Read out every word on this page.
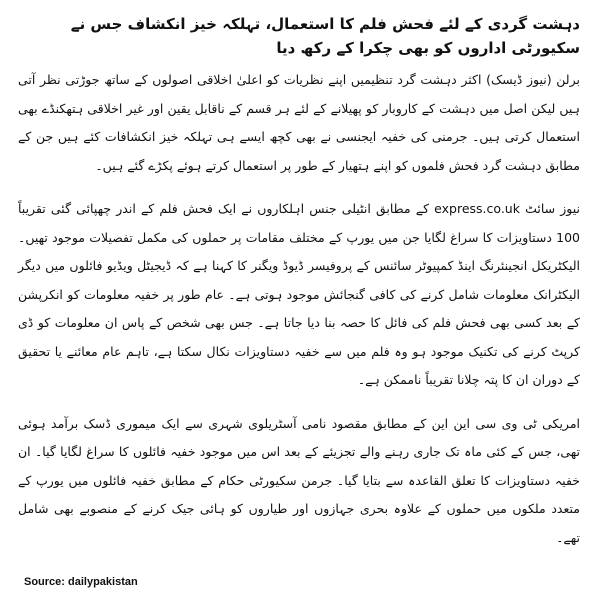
دہشت گردی کے لئے فحش فلم کا استعمال، تہلکہ خیز انکشاف جس نے سکیورٹی اداروں کو بھی چکرا کے رکھ دیا

برلن (نیوز ڈیسک) اکثر دہشت گرد تنظیمیں اپنے نظریات کو اعلیٰ اخلاقی اصولوں کے ساتھ جوڑتی نظر آتی ہیں لیکن اصل میں دہشت کے کاروبار کو پھیلانے کے لئے ہر قسم کے ناقابل یقین اور غیر اخلاقی ہتھکنڈے بھی استعمال کرتی ہیں۔ جرمنی کی خفیہ ایجنسی نے بھی کچھ ایسے ہی تہلکہ خیز انکشافات کئے ہیں جن کے مطابق دہشت گرد فحش فلموں کو اپنے ہتھیار کے طور پر استعمال کرتے ہوئے پکڑے گئے ہیں۔

نیوز سائٹ express.co.uk کے مطابق انٹیلی جنس اہلکاروں نے ایک فحش فلم کے اندر چھپائی گئی تقریباً 100 دستاویزات کا سراغ لگایا جن میں یورپ کے مختلف مقامات پر حملوں کی مکمل تفصیلات موجود تھیں۔ الیکٹریکل انجینئرنگ اینڈ کمپیوٹر سائنس کے پروفیسر ڈیوڈ ویگنر کا کہنا ہے کہ ڈیجیٹل ویڈیو فائلوں میں دیگر الیکٹرانک معلومات شامل کرنے کی کافی گنجائش موجود ہوتی ہے۔ عام طور پر خفیہ معلومات کو انکرپشن کے بعد کسی بھی فحش فلم کی فائل کا حصہ بنا دیا جاتا ہے۔ جس بھی شخص کے پاس ان معلومات کو ڈی کرپٹ کرنے کی تکنیک موجود ہو وہ فلم میں سے خفیہ دستاویزات نکال سکتا ہے، تاہم عام معائنے یا تحقیق کے دوران ان کا پتہ چلانا تقریباً ناممکن ہے۔

امریکی ٹی وی سی این این کے مطابق مقصود نامی آسٹریلوی شہری سے ایک میموری ڈسک برآمد ہوئی تھی، جس کے کئی ماہ تک جاری رہنے والے تجزیئے کے بعد اس میں موجود خفیہ فائلوں کا سراغ لگایا گیا۔ ان خفیہ دستاویزات کا تعلق القاعدہ سے بتایا گیا۔ جرمن سکیورٹی حکام کے مطابق خفیہ فائلوں میں یورپ کے متعدد ملکوں میں حملوں کے علاوہ بحری جہازوں اور طیاروں کو ہائی جیک کرنے کے منصوبے بھی شامل تھے۔

Source: dailypakistan
